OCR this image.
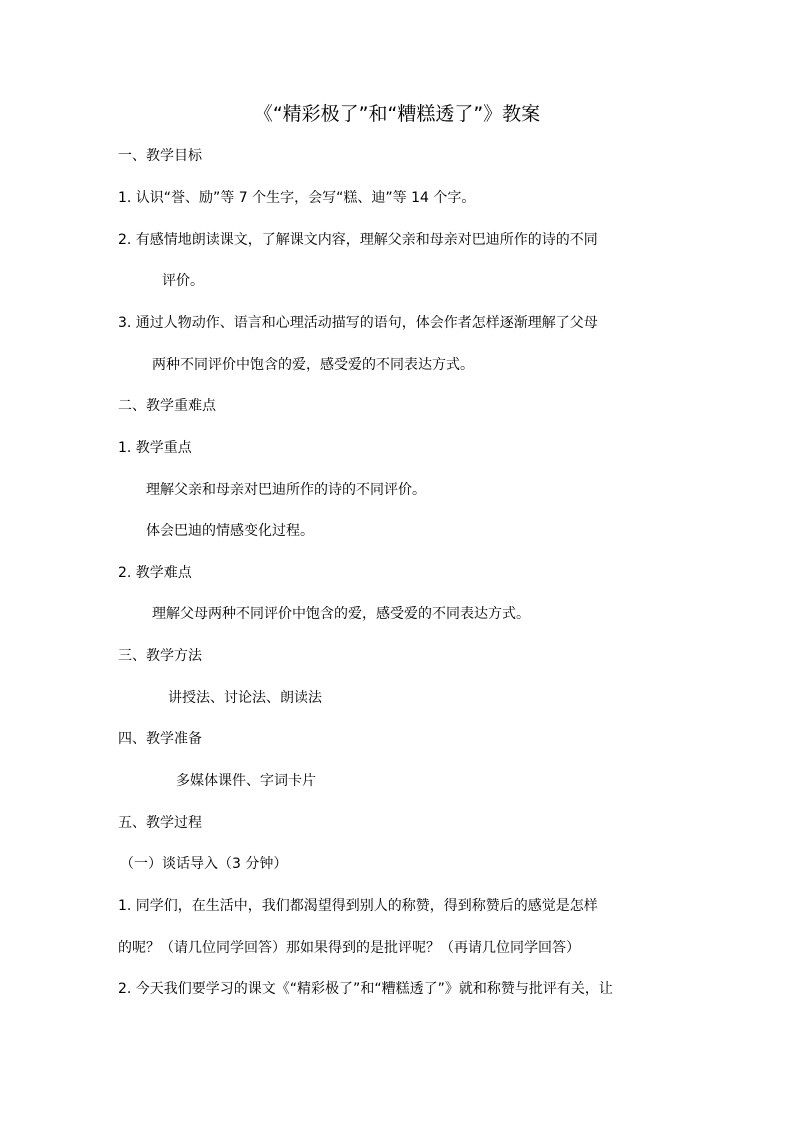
《“精彩极了”和“糟糕透了”》教案
一、教学目标
1. 认识“誉、励”等 7 个生字，会写“糕、迪”等 14 个字。
2. 有感情地朗读课文，了解课文内容，理解父亲和母亲对巴迪所作的诗的不同
评价。
3. 通过人物动作、语言和心理活动描写的语句，体会作者怎样逐渐理解了父母
两种不同评价中饱含的爱，感受爱的不同表达方式。
二、教学重难点
1. 教学重点
理解父亲和母亲对巴迪所作的诗的不同评价。
体会巴迪的情感变化过程。
2. 教学难点
理解父母两种不同评价中饱含的爱，感受爱的不同表达方式。
三、教学方法
讲授法、讨论法、朗读法
四、教学准备
多媒体课件、字词卡片
五、教学过程
（一）谈话导入（3 分钟）
1. 同学们，在生活中，我们都渴望得到别人的称赞，得到称赞后的感觉是怎样
的呢？（请几位同学回答）那如果得到的是批评呢？（再请几位同学回答）
2. 今天我们要学习的课文《“精彩极了”和“糟糕透了”》就和称赞与批评有关，让
